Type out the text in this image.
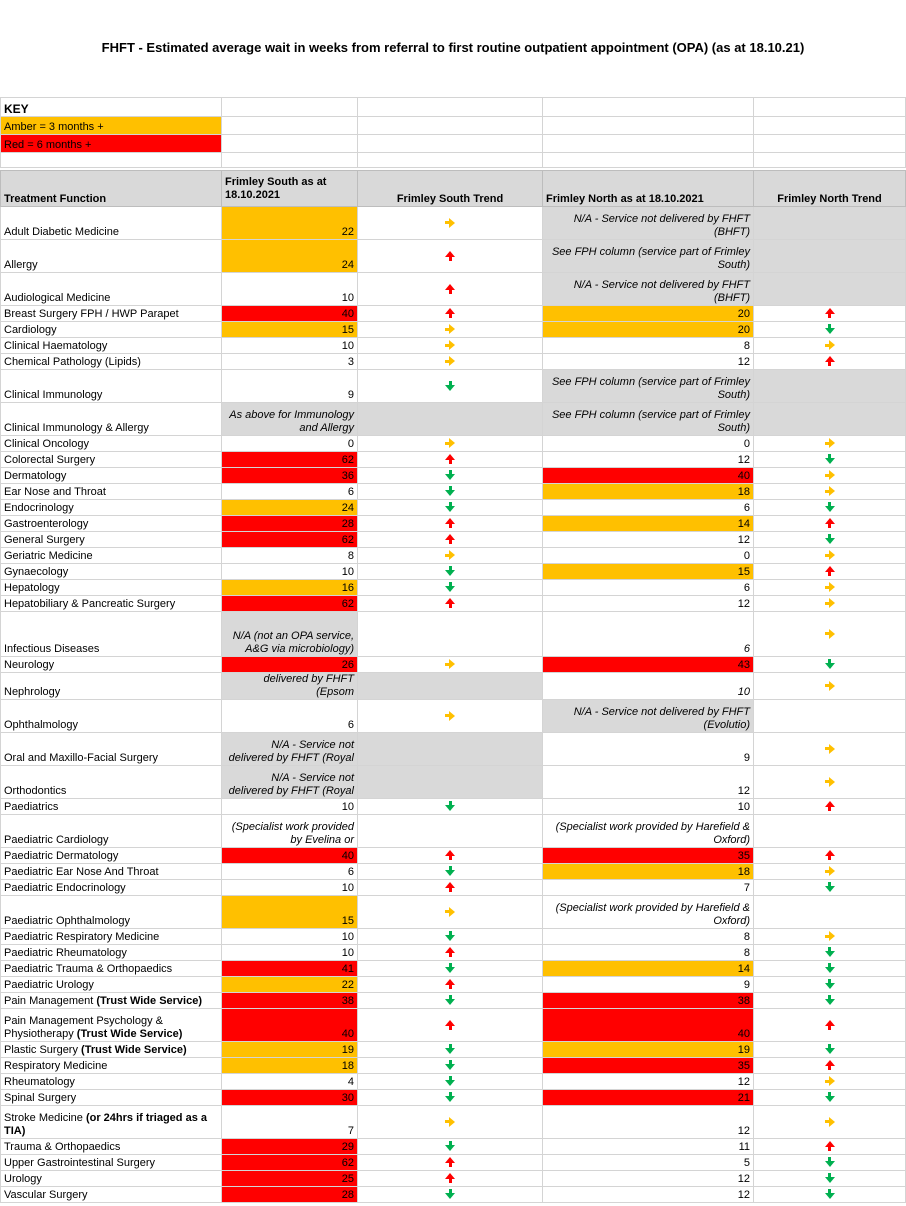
FHFT - Estimated average wait in weeks from referral to first routine outpatient appointment (OPA) (as at 18.10.21)
KEY				
Amber = 3 months +				
Red = 6 months +				

Treatment Function	Frimley South as at 18.10.2021	Frimley South Trend	Frimley North as at 18.10.2021	Frimley North Trend
Adult Diabetic Medicine	22		N/A - Service not delivered by FHFT (BHFT)	
Allergy	24		See FPH column (service part of Frimley South)	
Audiological Medicine	10		N/A - Service not delivered by FHFT (BHFT)	
Breast Surgery FPH / HWP Parapet	40		20	
Cardiology	15		20	
Clinical Haematology	10		8	
Chemical Pathology (Lipids)	3		12	
Clinical Immunology	9		See FPH column (service part of Frimley South)	
Clinical Immunology & Allergy	As above for Immunology and Allergy		See FPH column (service part of Frimley South)	
Clinical Oncology	0		0	
Colorectal Surgery	62		12	
Dermatology	36		40	
Ear Nose and Throat	6		18	
Endocrinology	24		6	
Gastroenterology	28		14	
General Surgery	62		12	
Geriatric Medicine	8		0	
Gynaecology	10		15	
Hepatology	16		6	
Hepatobiliary & Pancreatic Surgery	62		12	
Infectious Diseases	N/A (not an OPA service, A&G via microbiology)		6	
Neurology	26		43	
Nephrology	delivered by FHFT (Epsom		10	
Ophthalmology	6		N/A - Service not delivered by FHFT (Evolutio)	
Oral and Maxillo-Facial Surgery	N/A - Service not delivered by FHFT (Royal		9	
Orthodontics	N/A - Service not delivered by FHFT (Royal		12	
Paediatrics	10		10	
Paediatric Cardiology	(Specialist work provided by Evelina or		(Specialist work provided by Harefield & Oxford)	
Paediatric Dermatology	40		35	
Paediatric Ear Nose And Throat	6		18	
Paediatric Endocrinology	10		7	
Paediatric Ophthalmology	15		(Specialist work provided by Harefield & Oxford)	
Paediatric Respiratory Medicine	10		8	
Paediatric Rheumatology	10		8	
Paediatric Trauma & Orthopaedics	41		14	
Paediatric Urology	22		9	
Pain Management (Trust Wide Service)	38		38	
Pain Management Psychology & Physiotherapy (Trust Wide Service)	40		40	
Plastic Surgery (Trust Wide Service)	19		19	
Respiratory Medicine	18		35	
Rheumatology	4		12	
Spinal Surgery	30		21	
Stroke Medicine (or 24hrs if triaged as a TIA)	7		12	
Trauma & Orthopaedics	29		11	
Upper Gastrointestinal Surgery	62		5	
Urology	25		12	
Vascular Surgery	28		12	
